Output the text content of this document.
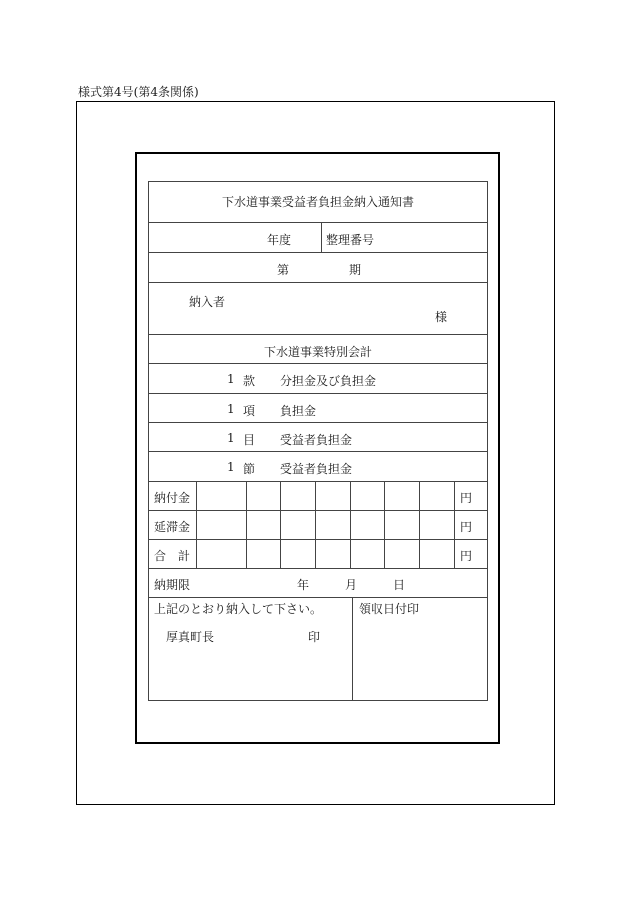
様式第4号(第4条関係)
下水道事業受益者負担金納入通知書
年度	整理番号
第	期
納入者
様
下水道事業特別会計
1 款 分担金及び負担金
1 項 負担金
1 目 受益者負担金
1 節 受益者負担金
納付金	円
延滞金	円
合　計	円
納期限	年	月	日
上記のとおり納入して下さい。
厚真町長	印
領収日付印
